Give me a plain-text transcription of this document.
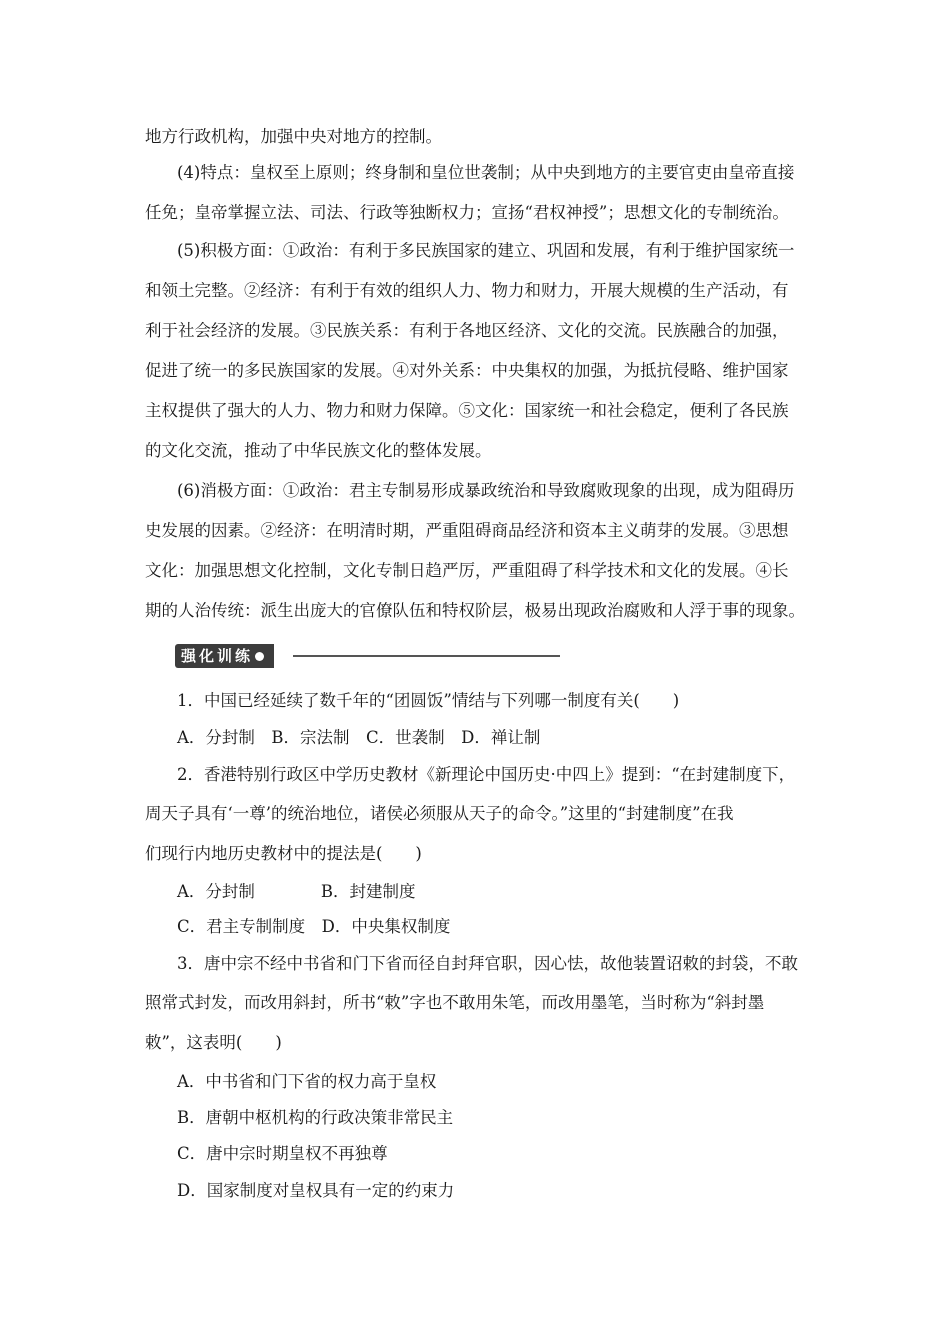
地方行政机构，加强中央对地方的控制。
(4)特点：皇权至上原则；终身制和皇位世袭制；从中央到地方的主要官吏由皇帝直接
任免；皇帝掌握立法、司法、行政等独断权力；宣扬“君权神授”；思想文化的专制统治。
(5)积极方面：①政治：有利于多民族国家的建立、巩固和发展，有利于维护国家统一
和领土完整。②经济：有利于有效的组织人力、物力和财力，开展大规模的生产活动，有
利于社会经济的发展。③民族关系：有利于各地区经济、文化的交流。民族融合的加强，
促进了统一的多民族国家的发展。④对外关系：中央集权的加强，为抵抗侵略、维护国家
主权提供了强大的人力、物力和财力保障。⑤文化：国家统一和社会稳定，便利了各民族
的文化交流，推动了中华民族文化的整体发展。
(6)消极方面：①政治：君主专制易形成暴政统治和导致腐败现象的出现，成为阻碍历
史发展的因素。②经济：在明清时期，严重阻碍商品经济和资本主义萌芽的发展。③思想
文化：加强思想文化控制，文化专制日趋严厉，严重阻碍了科学技术和文化的发展。④长
期的人治传统：派生出庞大的官僚队伍和特权阶层，极易出现政治腐败和人浮于事的现象。
强化训练
1．中国已经延续了数千年的“团圆饭”情结与下列哪一制度有关(　　)
A．分封制　B．宗法制　C．世袭制　D．禅让制
2．香港特别行政区中学历史教材《新理论中国历史·中四上》提到：“在封建制度下，
周天子具有‘一尊’的统治地位，诸侯必须服从天子的命令。”这里的“封建制度”在我
们现行内地历史教材中的提法是(　　)
A．分封制　　　　B．封建制度
C．君主专制制度　D．中央集权制度
3．唐中宗不经中书省和门下省而径自封拜官职，因心怯，故他装置诏敕的封袋，不敢
照常式封发，而改用斜封，所书“敕”字也不敢用朱笔，而改用墨笔，当时称为“斜封墨
敕”，这表明(　　)
A．中书省和门下省的权力高于皇权
B．唐朝中枢机构的行政决策非常民主
C．唐中宗时期皇权不再独尊
D．国家制度对皇权具有一定的约束力
